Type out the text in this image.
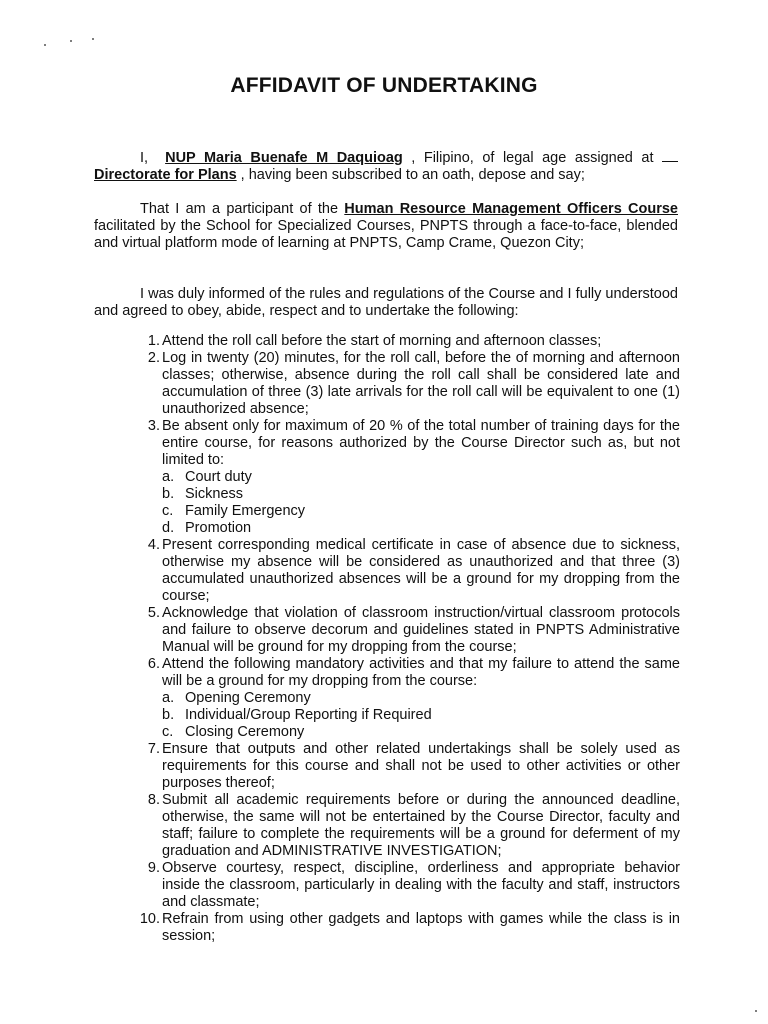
AFFIDAVIT OF UNDERTAKING
I,  NUP Maria Buenafe M Daquioag , Filipino, of legal age assigned at Directorate for Plans , having been subscribed to an oath, depose and say;
That I am a participant of the Human Resource Management Officers Course facilitated by the School for Specialized Courses, PNPTS through a face-to-face, blended and virtual platform mode of learning at PNPTS, Camp Crame, Quezon City;
I was duly informed of the rules and regulations of the Course and I fully understood and agreed to obey, abide, respect and to undertake the following:
1. Attend the roll call before the start of morning and afternoon classes;
2. Log in twenty (20) minutes, for the roll call, before the of morning and afternoon classes; otherwise, absence during the roll call shall be considered late and accumulation of three (3) late arrivals for the roll call will be equivalent to one (1) unauthorized absence;
3. Be absent only for maximum of 20 % of the total number of training days for the entire course, for reasons authorized by the Course Director such as, but not limited to:
a. Court duty
b. Sickness
c. Family Emergency
d. Promotion
4. Present corresponding medical certificate in case of absence due to sickness, otherwise my absence will be considered as unauthorized and that three (3) accumulated unauthorized absences will be a ground for my dropping from the course;
5. Acknowledge that violation of classroom instruction/virtual classroom protocols and failure to observe decorum and guidelines stated in PNPTS Administrative Manual will be ground for my dropping from the course;
6. Attend the following mandatory activities and that my failure to attend the same will be a ground for my dropping from the course:
a. Opening Ceremony
b. Individual/Group Reporting if Required
c. Closing Ceremony
7. Ensure that outputs and other related undertakings shall be solely used as requirements for this course and shall not be used to other activities or other purposes thereof;
8. Submit all academic requirements before or during the announced deadline, otherwise, the same will not be entertained by the Course Director, faculty and staff; failure to complete the requirements will be a ground for deferment of my graduation and ADMINISTRATIVE INVESTIGATION;
9. Observe courtesy, respect, discipline, orderliness and appropriate behavior inside the classroom, particularly in dealing with the faculty and staff, instructors and classmate;
10. Refrain from using other gadgets and laptops with games while the class is in session;
